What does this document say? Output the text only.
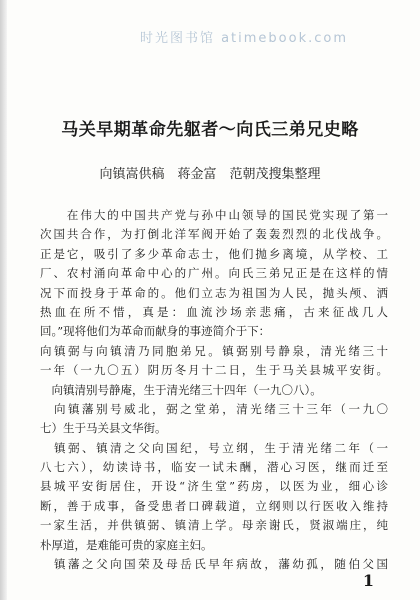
时光图书馆 atimebook.com
马关早期革命先躯者～向氏三弟兄史略
向镇嵩供稿　蒋金富　范朝茂搜集整理
　　在伟大的中国共产党与孙中山领导的国民党实现了第一
次国共合作，为打倒北洋军阀开始了轰轰烈烈的北伐战争。
正是它，吸引了多少革命志士，他们抛乡离境，从学校、工
厂、农村涌向革命中心的广州。向氏三弟兄正是在这样的情
况下而投身于革命的。他们立志为祖国为人民，抛头颅、洒
热血在所不惜，真是：血流沙场亲悲痛，古来征战几人
回。”现将他们为革命而献身的事迹简介于下：
向镇弼与向镇清乃同胞弟兄。镇弼别号静泉，清光绪三十
一年（一九〇五）阴历冬月十二日，生于马关县城平安街。
　向镇清别号静庵，生于清光绪三十四年（一九〇八）。
　向镇藩别号威北，弼之堂弟，清光绪三十三年（一九〇
七）生于马关县文华街。
　镇弼、镇清之父向国纪，号立纲，生于清光绪二年（一
八七六），幼读诗书，临安一试未酬，潜心习医，继而迁至
县城平安街居住，开设“济生堂”药房，以医为业，细心诊
断，善于成事，备受患者口碑载道，立纲则以行医收入维持
一家生活，并供镇弼、镇清上学。母亲谢氏，贤淑端庄，纯
朴厚道，是难能可贵的家庭主妇。
　镇藩之父向国荣及母岳氏早年病故，藩幼孤，随伯父国
1
